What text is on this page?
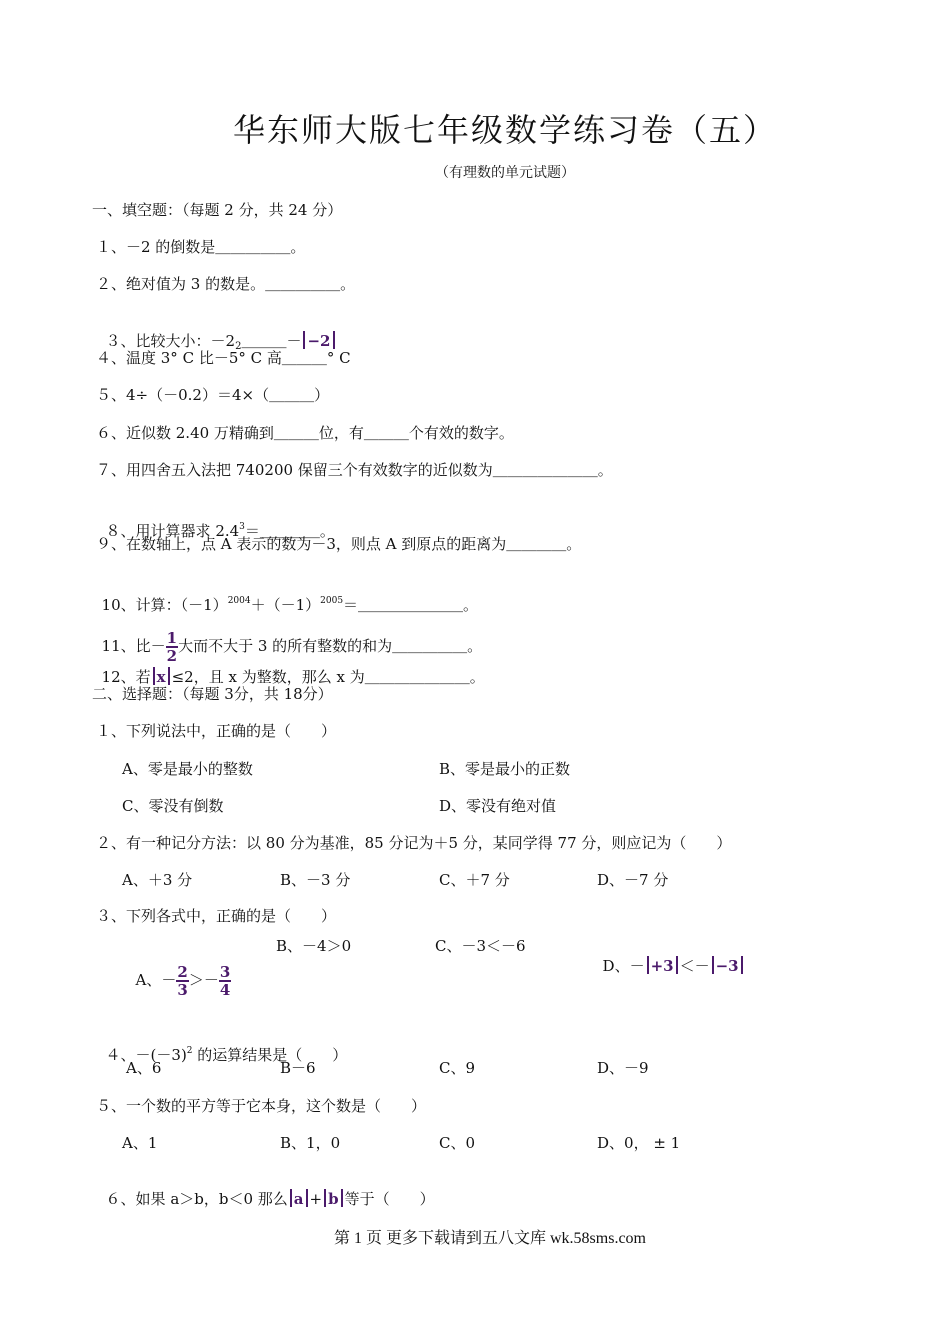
华东师大版七年级数学练习卷（五）
（有理数的单元试题）
一、填空题：（每题 2 分，共 24 分）
１、－2 的倒数是＿＿＿＿＿。
２、绝对值为 3 的数是。＿＿＿＿＿。

３、比较大小：$-2_2\_\_\_- -2$

４、温度 3° C 比－5° C 高＿＿＿° C
５、4÷（－0.2）＝4×（＿＿＿）
６、近似数 2.40 万精确到＿＿＿位，有＿＿＿个有效的数字。
７、用四舍五入法把 740200 保留三个有效数字的近似数为＿＿＿＿＿＿＿。

８、用计算器求 $2.4^3=\_\_\_\_$。

９、在数轴上，点 A 表示的数为－3，则点 A 到原点的距离为＿＿＿＿。

10、计算：$(-1)^{2004}+(-1)^{2005}=\_\_\_\_\_\_\_$。

11、比－ $\frac{1}{2}$ 大而不大于 3 的所有整数的和为＿＿＿＿＿。

12、若 x ≤2，且 x 为整数，那么 x 为＿＿＿＿＿＿＿。

二、选择题：（每题 3分，共 18分）
１、下列说法中，正确的是（　　）
A、零是最小的整数	B、零是最小的正数
C、零没有倒数	D、零没有绝对值
２、有一种记分方法：以 80 分为基准，85 分记为＋5 分，某同学得 77 分，则应记为（　　）
A、＋3 分	B、－3 分	C、＋7 分	D、－7 分
３、下列各式中，正确的是（　　）

A、－ $\frac{2}{3} >- \frac{3}{4}$

B、－4＞0	C、－3＜－6

D、－ +3 ＜－ −3

４、$-(-3)^2$ 的运算结果是（　　）

A、6	B－6	C、9	D、－9
５、一个数的平方等于它本身，这个数是（　　）
A、1	B、1，0	C、0	D、0， ± 1

６、如果 a＞b，b＜0 那么 a + b 等于（　　）

第 1 页 更多下载请到五八文库 wk.58sms.com
